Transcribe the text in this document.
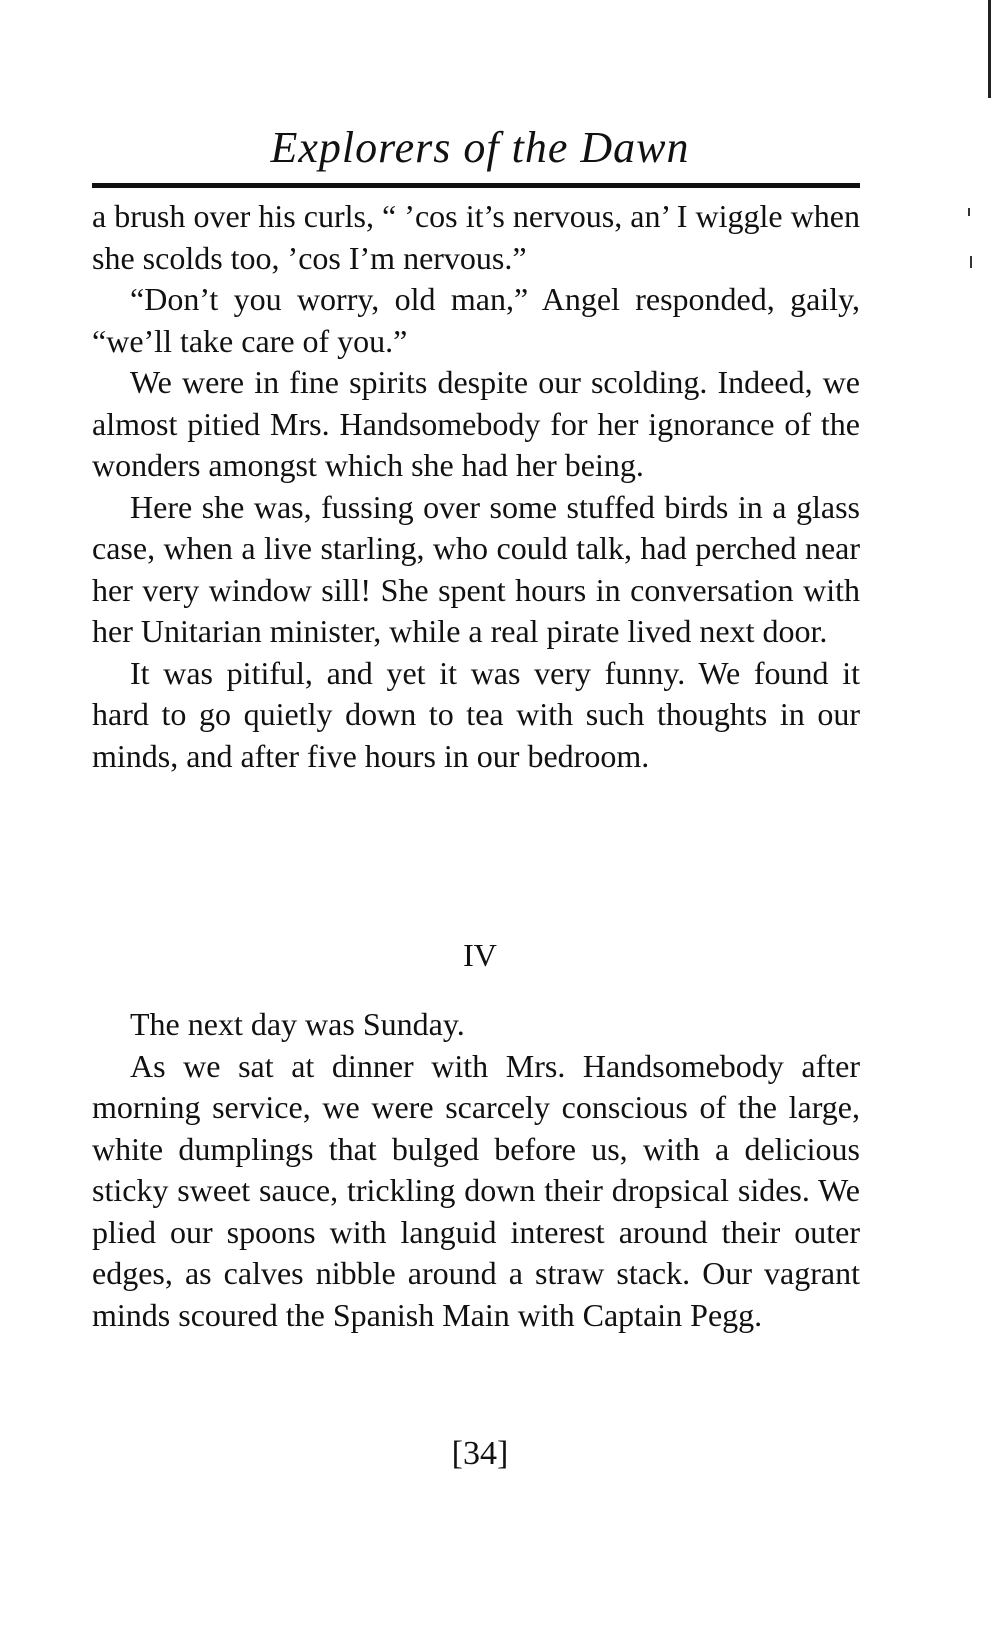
Explorers of the Dawn

a brush over his curls, “ ’cos it’s nervous, an’ I wiggle when she scolds too, ’cos I’m nervous.”

“Don’t you worry, old man,” Angel responded, gaily, “we’ll take care of you.”

We were in fine spirits despite our scolding. Indeed, we almost pitied Mrs. Handsomebody for her ignorance of the wonders amongst which she had her being.

Here she was, fussing over some stuffed birds in a glass case, when a live starling, who could talk, had perched near her very window sill! She spent hours in conversation with her Unitarian minister, while a real pirate lived next door.

It was pitiful, and yet it was very funny. We found it hard to go quietly down to tea with such thoughts in our minds, and after five hours in our bedroom.

IV

The next day was Sunday.

As we sat at dinner with Mrs. Handsomebody after morning service, we were scarcely conscious of the large, white dumplings that bulged before us, with a delicious sticky sweet sauce, trickling down their dropsical sides. We plied our spoons with languid interest around their outer edges, as calves nibble around a straw stack. Our vagrant minds scoured the Spanish Main with Captain Pegg.

[34]
